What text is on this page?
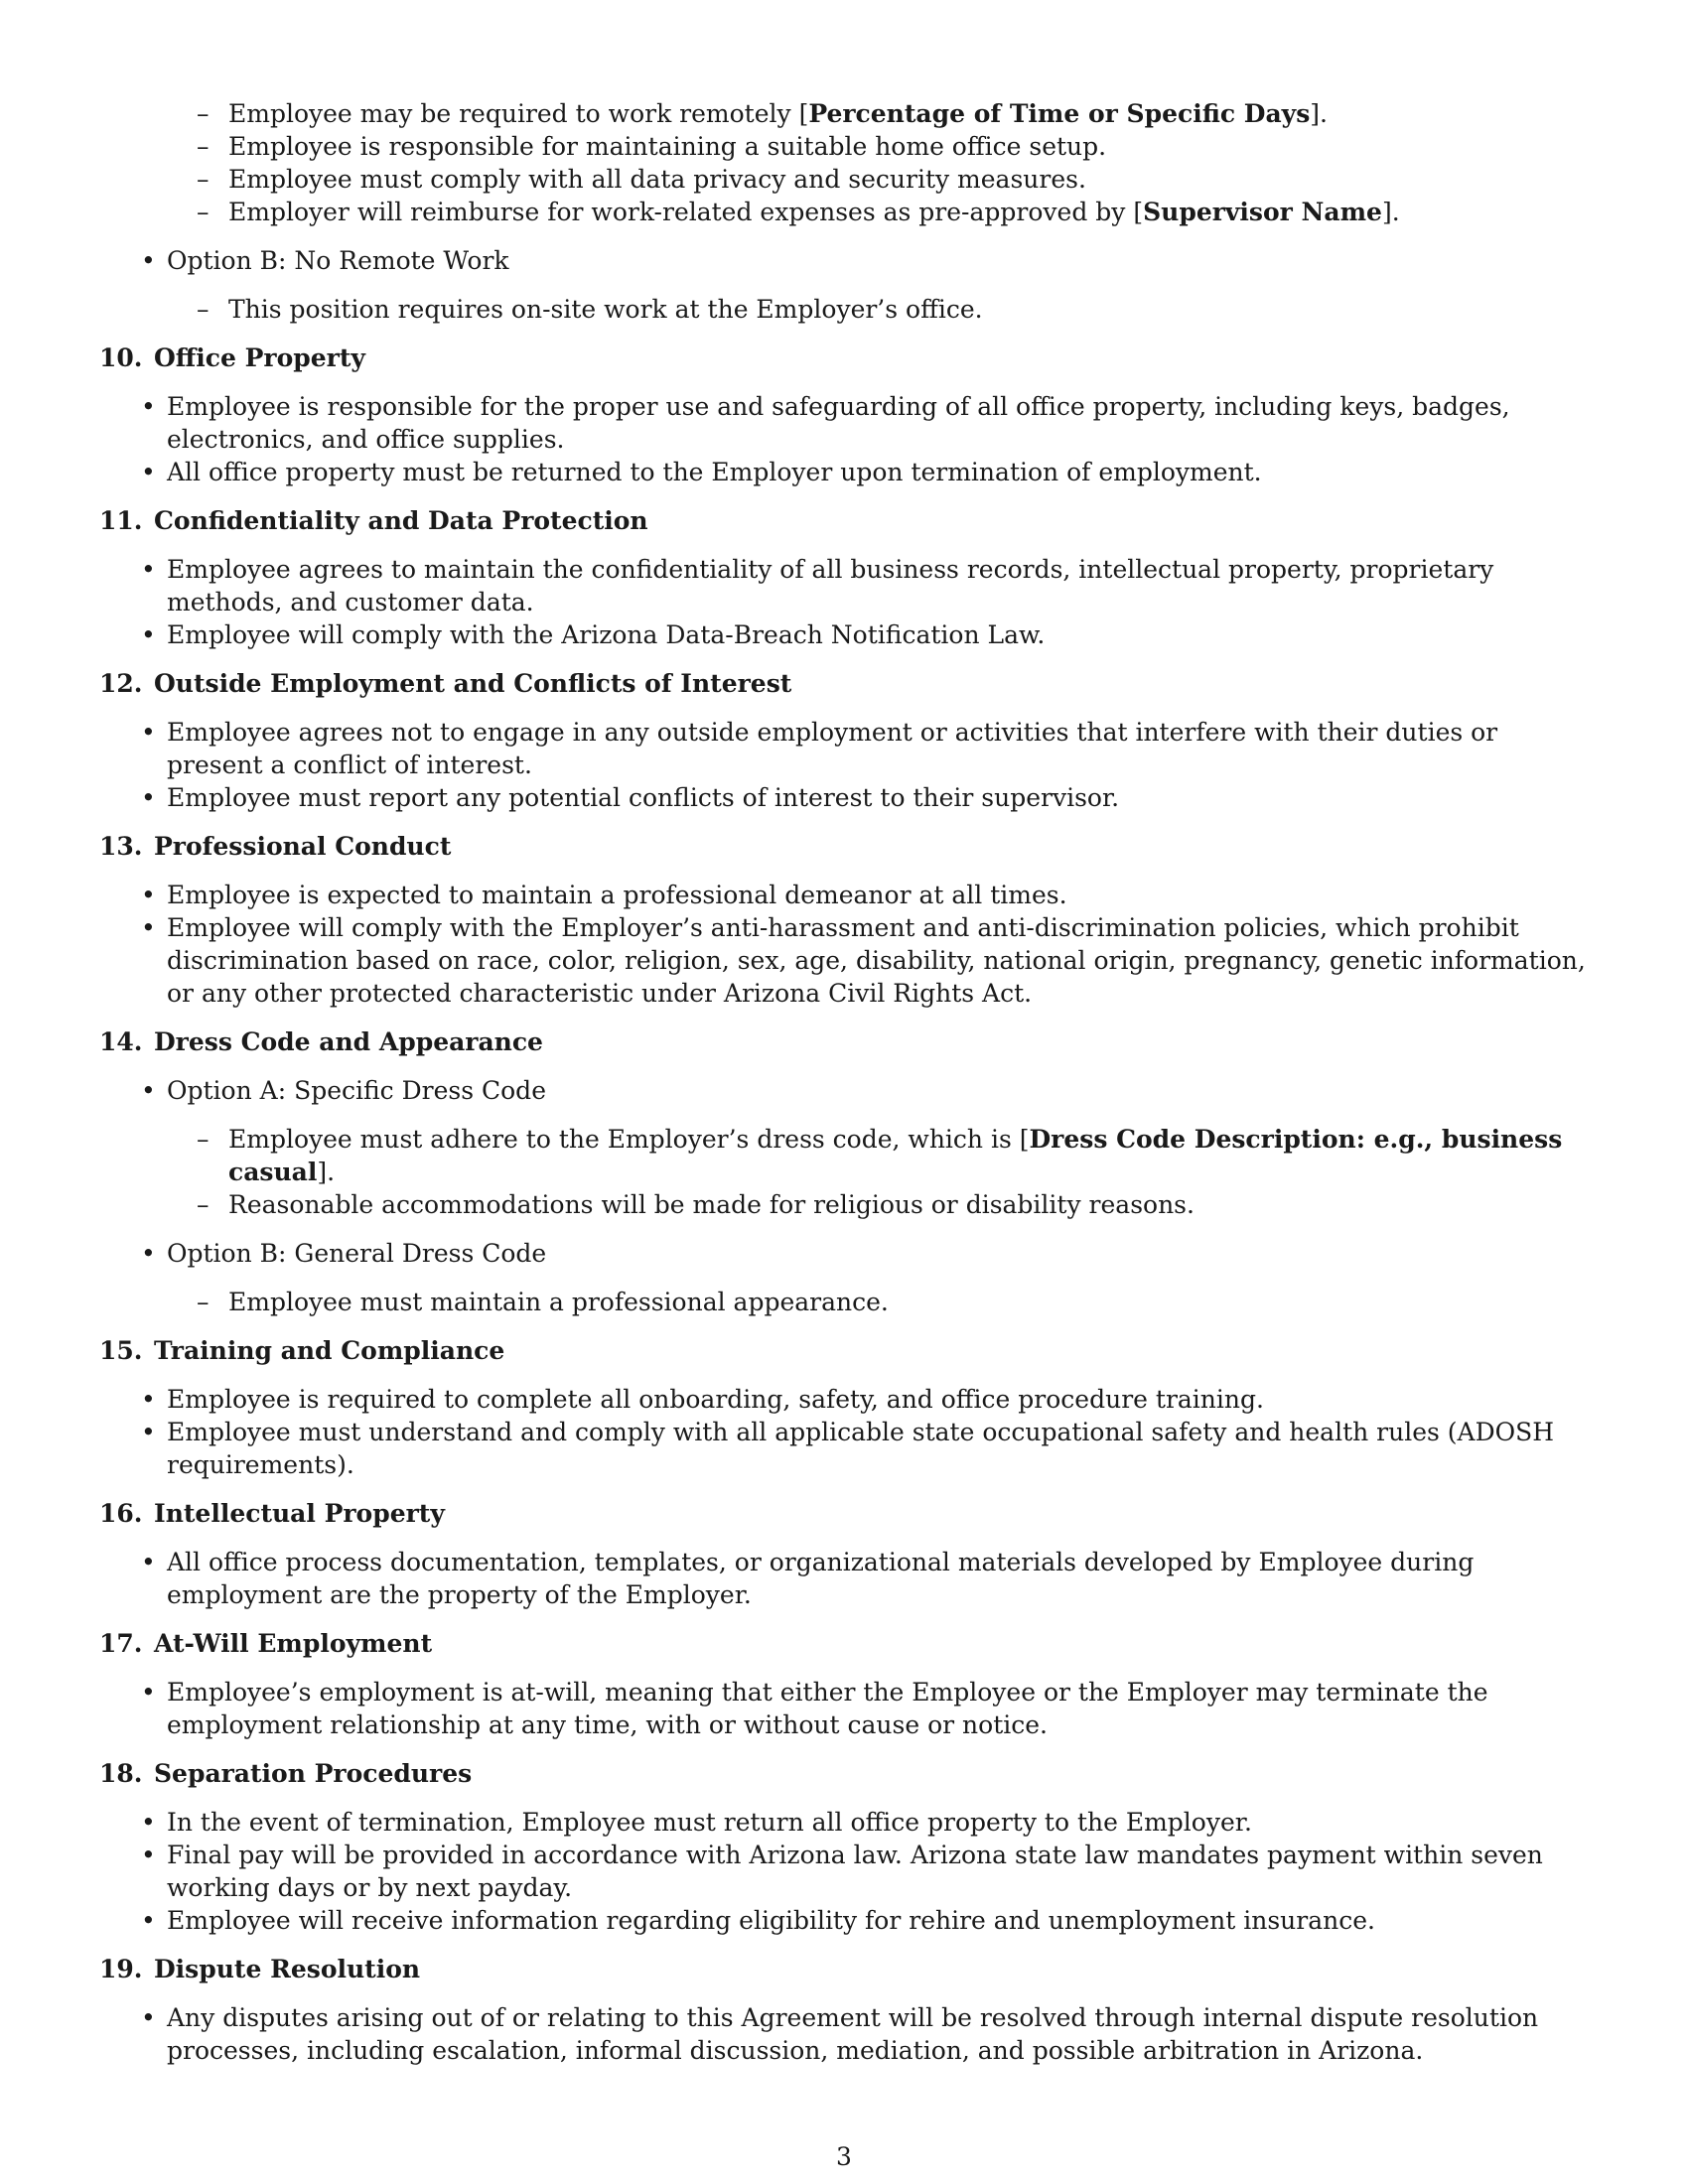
– Employee may be required to work remotely [Percentage of Time or Specific Days].
– Employee is responsible for maintaining a suitable home office setup.
– Employee must comply with all data privacy and security measures.
– Employer will reimburse for work-related expenses as pre-approved by [Supervisor Name].
• Option B: No Remote Work
– This position requires on-site work at the Employer’s office.
10. Office Property
• Employee is responsible for the proper use and safeguarding of all office property, including keys, badges, electronics, and office supplies.
• All office property must be returned to the Employer upon termination of employment.
11. Confidentiality and Data Protection
• Employee agrees to maintain the confidentiality of all business records, intellectual property, proprietary methods, and customer data.
• Employee will comply with the Arizona Data-Breach Notification Law.
12. Outside Employment and Conflicts of Interest
• Employee agrees not to engage in any outside employment or activities that interfere with their duties or present a conflict of interest.
• Employee must report any potential conflicts of interest to their supervisor.
13. Professional Conduct
• Employee is expected to maintain a professional demeanor at all times.
• Employee will comply with the Employer’s anti-harassment and anti-discrimination policies, which prohibit discrimination based on race, color, religion, sex, age, disability, national origin, pregnancy, genetic information, or any other protected characteristic under Arizona Civil Rights Act.
14. Dress Code and Appearance
• Option A: Specific Dress Code
– Employee must adhere to the Employer’s dress code, which is [Dress Code Description: e.g., business casual].
– Reasonable accommodations will be made for religious or disability reasons.
• Option B: General Dress Code
– Employee must maintain a professional appearance.
15. Training and Compliance
• Employee is required to complete all onboarding, safety, and office procedure training.
• Employee must understand and comply with all applicable state occupational safety and health rules (ADOSH requirements).
16. Intellectual Property
• All office process documentation, templates, or organizational materials developed by Employee during employment are the property of the Employer.
17. At-Will Employment
• Employee’s employment is at-will, meaning that either the Employee or the Employer may terminate the employment relationship at any time, with or without cause or notice.
18. Separation Procedures
• In the event of termination, Employee must return all office property to the Employer.
• Final pay will be provided in accordance with Arizona law. Arizona state law mandates payment within seven working days or by next payday.
• Employee will receive information regarding eligibility for rehire and unemployment insurance.
19. Dispute Resolution
• Any disputes arising out of or relating to this Agreement will be resolved through internal dispute resolution processes, including escalation, informal discussion, mediation, and possible arbitration in Arizona.
3
